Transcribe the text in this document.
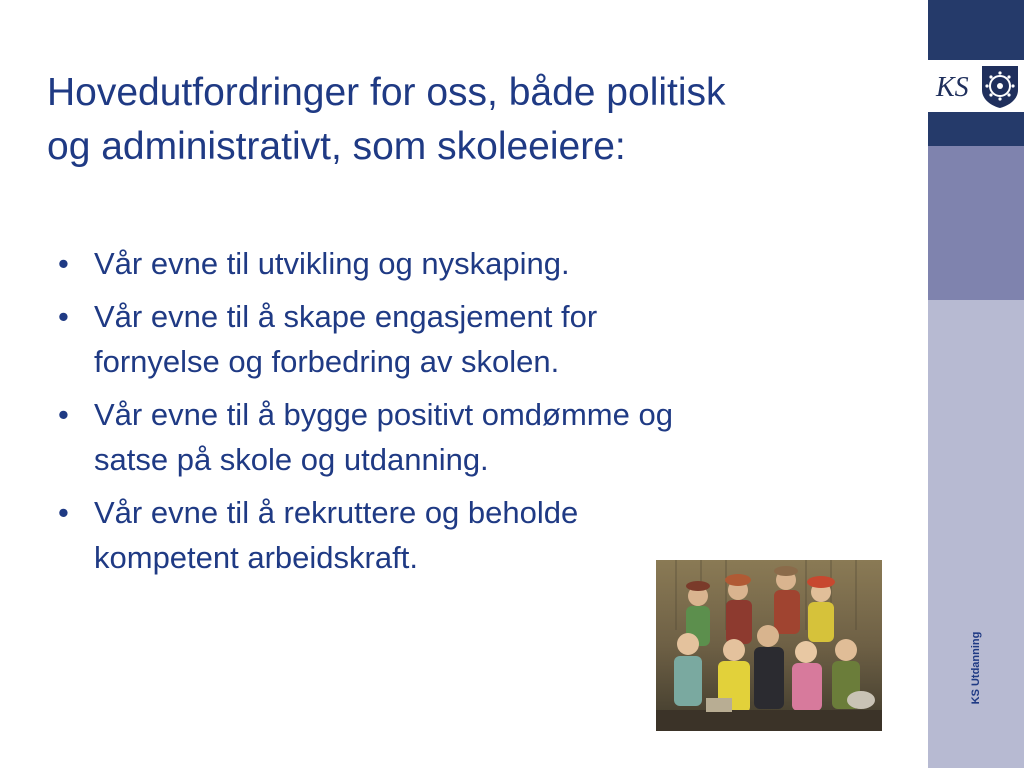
Hovedutfordringer for oss, både politisk
og administrativt, som skoleeiere:
• Vår evne til utvikling og nyskaping.
• Vår evne til å skape engasjement for
fornyelse og forbedring av skolen.
• Vår evne til å bygge positivt omdømme og
satse på skole og utdanning.
• Vår evne til å rekruttere og beholde
kompetent arbeidskraft.
KS
KS Utdanning
